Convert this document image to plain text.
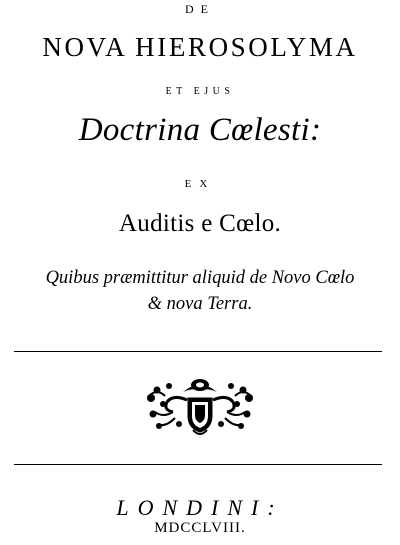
DE
NOVA HIEROSOLYMA
ET EJUS
Doctrina Cœlesti:
EX
Auditis e Cœlo.
Quibus præmittitur aliquid de Novo Cœlo
& nova Terra.
LONDINI:
MDCCLVIII.
